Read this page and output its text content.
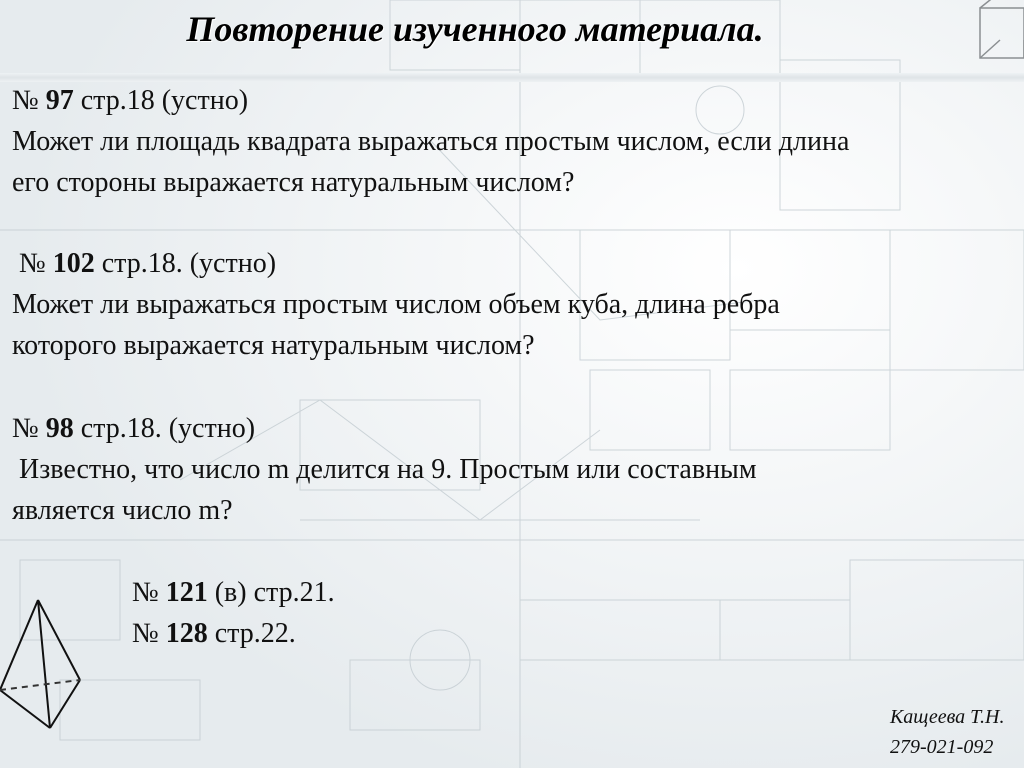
Повторение изученного материала.

№ 97 стр.18 (устно)

Может ли площадь квадрата выражаться простым числом, если длина

его стороны выражается натуральным числом?

№ 102 стр.18. (устно)

Может ли выражаться простым числом объем куба, длина ребра

которого выражается натуральным числом?

№ 98 стр.18. (устно)

Известно, что число m делится на 9. Простым или составным

является число m?

№ 121 (в) стр.21.

№ 128 стр.22.

Кащеева Т.Н.
279-021-092
